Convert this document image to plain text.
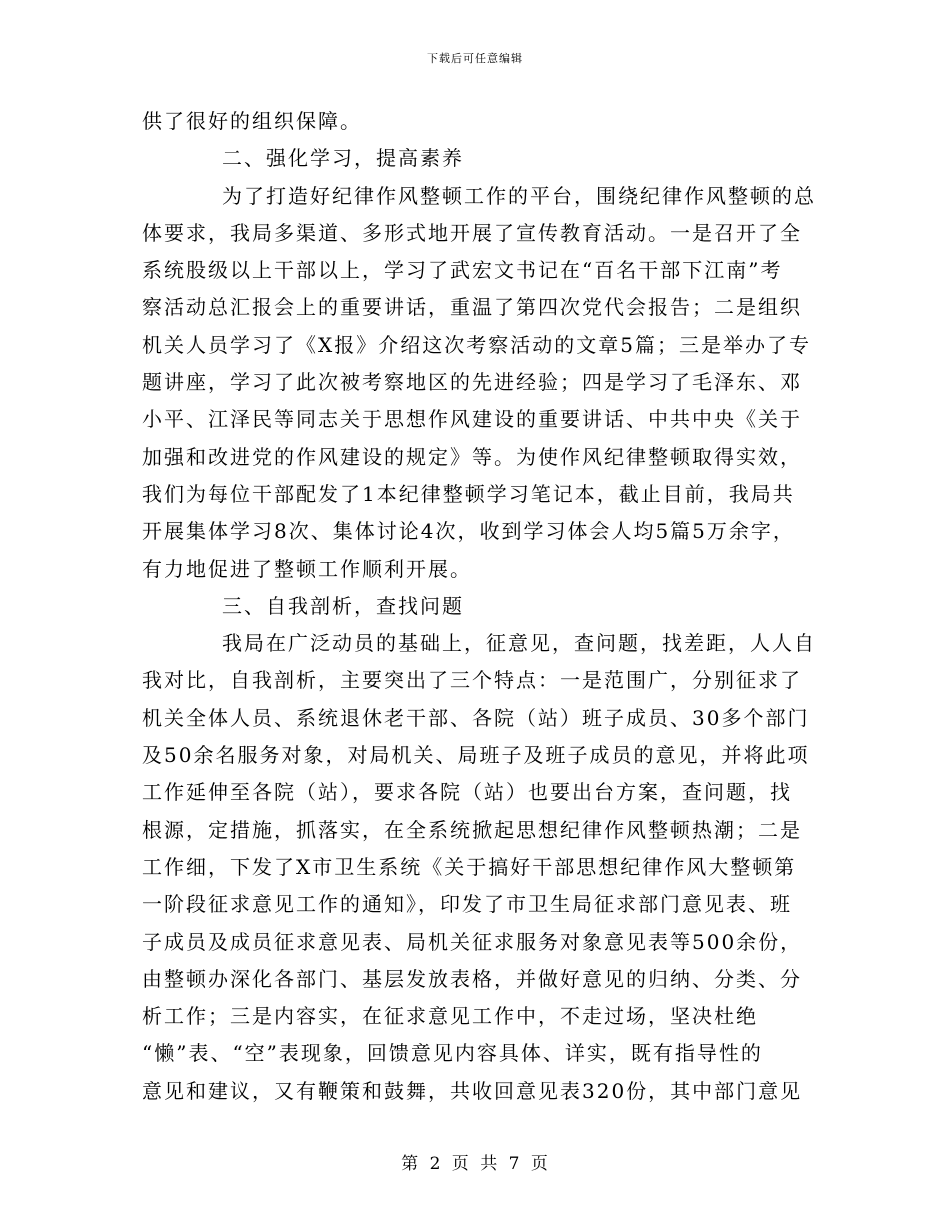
下载后可任意编辑
供了很好的组织保障。
二、强化学习，提高素养
为了打造好纪律作风整顿工作的平台，围绕纪律作风整顿的总
体要求，我局多渠道、多形式地开展了宣传教育活动。一是召开了全
系统股级以上干部以上，学习了武宏文书记在“百名干部下江南”考
察活动总汇报会上的重要讲话，重温了第四次党代会报告；二是组织
机关人员学习了《X报》介绍这次考察活动的文章5篇；三是举办了专
题讲座，学习了此次被考察地区的先进经验；四是学习了毛泽东、邓
小平、江泽民等同志关于思想作风建设的重要讲话、中共中央《关于
加强和改进党的作风建设的规定》等。为使作风纪律整顿取得实效，
我们为每位干部配发了1本纪律整顿学习笔记本，截止目前，我局共
开展集体学习8次、集体讨论4次，收到学习体会人均5篇5万余字，
有力地促进了整顿工作顺利开展。
三、自我剖析，查找问题
我局在广泛动员的基础上，征意见，查问题，找差距，人人自
我对比，自我剖析，主要突出了三个特点：一是范围广，分别征求了
机关全体人员、系统退休老干部、各院（站）班子成员、30多个部门
及50余名服务对象，对局机关、局班子及班子成员的意见，并将此项
工作延伸至各院（站），要求各院（站）也要出台方案，查问题，找
根源，定措施，抓落实，在全系统掀起思想纪律作风整顿热潮；二是
工作细，下发了X市卫生系统《关于搞好干部思想纪律作风大整顿第
一阶段征求意见工作的通知》，印发了市卫生局征求部门意见表、班
子成员及成员征求意见表、局机关征求服务对象意见表等500余份，
由整顿办深化各部门、基层发放表格，并做好意见的归纳、分类、分
析工作；三是内容实，在征求意见工作中，不走过场，坚决杜绝
“懒”表、“空”表现象，回馈意见内容具体、详实，既有指导性的
意见和建议，又有鞭策和鼓舞，共收回意见表320份，其中部门意见
第 2 页 共 7 页
